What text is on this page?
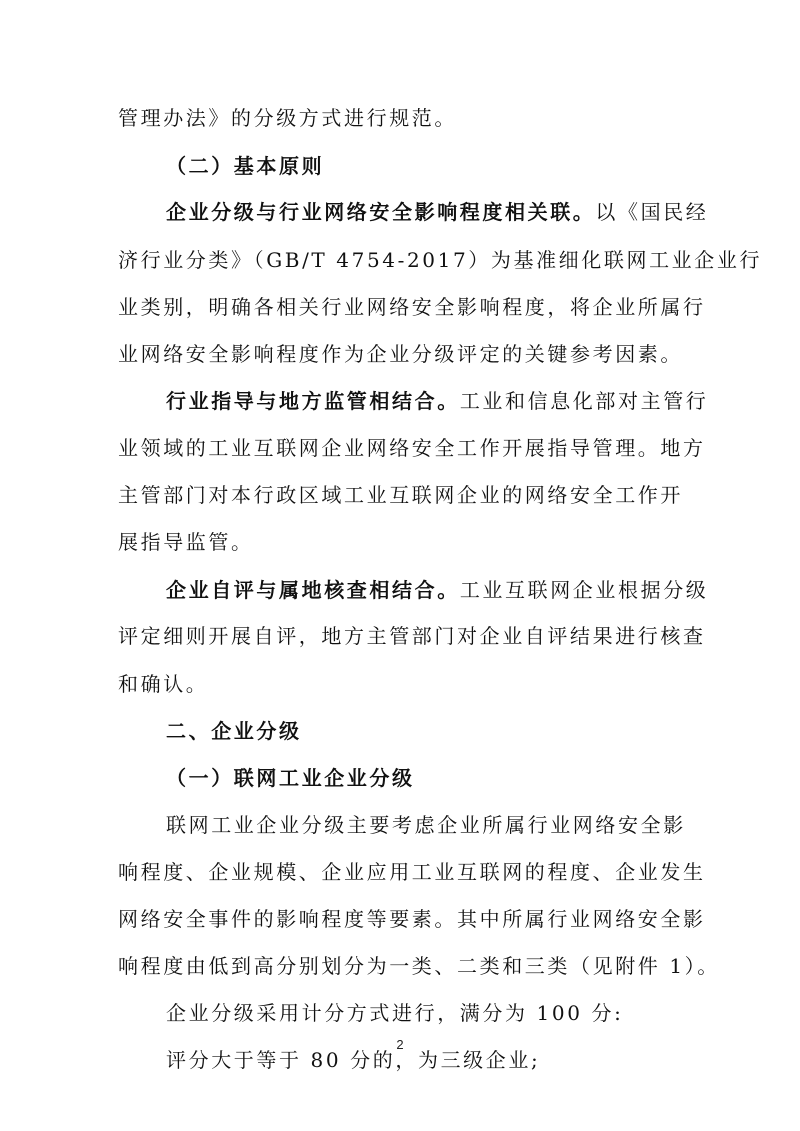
管理办法》的分级方式进行规范。
（二）基本原则
企业分级与行业网络安全影响程度相关联。以《国民经
济行业分类》（GB/T 4754-2017）为基准细化联网工业企业行
业类别，明确各相关行业网络安全影响程度，将企业所属行
业网络安全影响程度作为企业分级评定的关键参考因素。
行业指导与地方监管相结合。工业和信息化部对主管行
业领域的工业互联网企业网络安全工作开展指导管理。地方
主管部门对本行政区域工业互联网企业的网络安全工作开
展指导监管。
企业自评与属地核查相结合。工业互联网企业根据分级
评定细则开展自评，地方主管部门对企业自评结果进行核查
和确认。
二、企业分级
（一）联网工业企业分级
联网工业企业分级主要考虑企业所属行业网络安全影
响程度、企业规模、企业应用工业互联网的程度、企业发生
网络安全事件的影响程度等要素。其中所属行业网络安全影
响程度由低到高分别划分为一类、二类和三类（见附件 1）。
企业分级采用计分方式进行，满分为 100 分:
评分大于等于 80 分的，为三级企业;
2
